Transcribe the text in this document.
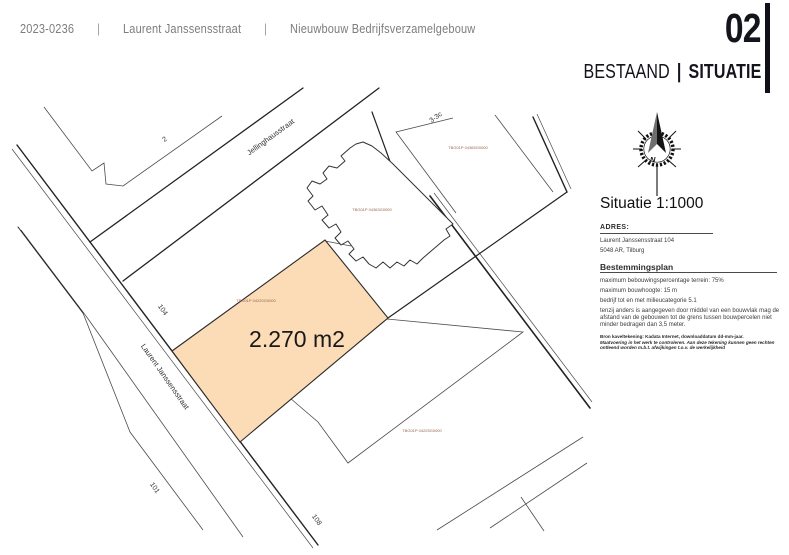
2023-0236 | Laurent Janssensstraat | Nieuwbouw Bedrijfsverzamelgebouw	02
BESTAAND | SITUATIE
2	Jellinghausstraat	3-3c
104
Laurent Janssensstraat
101
108
TBG01P 04220G0000
TBG01P 04363G0000
TBG01P 04365G0000
TBG01P 04225G0000
2.270 m2
N
Situatie 1:1000
ADRES:
Laurent Janssensstraat 104
5048 AR, Tilburg
Bestemmingsplan
maximum bebouwingspercentage terrein: 75%
maximum bouwhoogte: 15 m
bedrijf tot en met milieucategorie 5.1
tenzij anders is aangegeven door middel van een bouwvlak mag de afstand van de gebouwen tot de grens tussen bouwpercelen niet minder bedragen dan 3,5 meter.
Bron kaveltekening: Kadata Internet, downloaddatum dd-mm-jaar.
Maatvoering in het werk te controleren. Aan deze tekening kunnen geen rechten ontleend worden m.b.t. afwijkingen t.o.v. de werkelijkheid
